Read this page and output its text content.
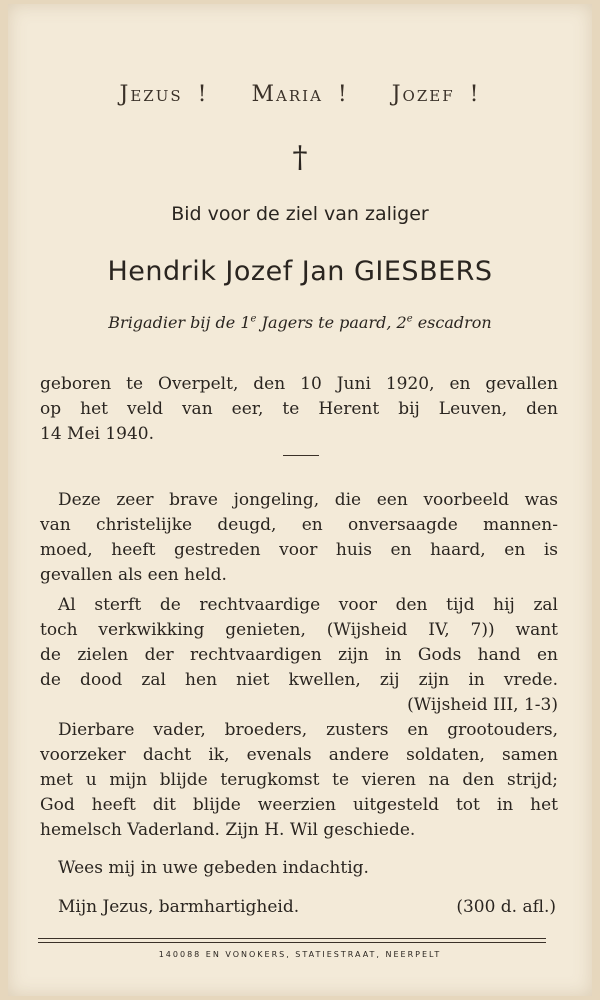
Jezus ! Maria ! Jozef !
†
Bid voor de ziel van zaliger
Hendrik Jozef Jan GIESBERS
Brigadier bij de 1e Jagers te paard, 2e escadron
geboren te Overpelt, den 10 Juni 1920, en gevallen
op het veld van eer, te Herent bij Leuven, den
14 Mei 1940.
Deze zeer brave jongeling, die een voorbeeld was
van christelijke deugd, en onversaagde mannen-
moed, heeft gestreden voor huis en haard, en is
gevallen als een held.
Al sterft de rechtvaardige voor den tijd hij zal
toch verkwikking genieten, (Wijsheid IV, 7)) want
de zielen der rechtvaardigen zijn in Gods hand en
de dood zal hen niet kwellen, zij zijn in vrede.
(Wijsheid III, 1-3)
Dierbare vader, broeders, zusters en grootouders,
voorzeker dacht ik, evenals andere soldaten, samen
met u mijn blijde terugkomst te vieren na den strijd;
God heeft dit blijde weerzien uitgesteld tot in het
hemelsch Vaderland. Zijn H. Wil geschiede.
Wees mij in uwe gebeden indachtig.
Mijn Jezus, barmhartigheid.	(300 d. afl.)
140088 EN VONOKERS, STATIESTRAAT, NEERPELT
